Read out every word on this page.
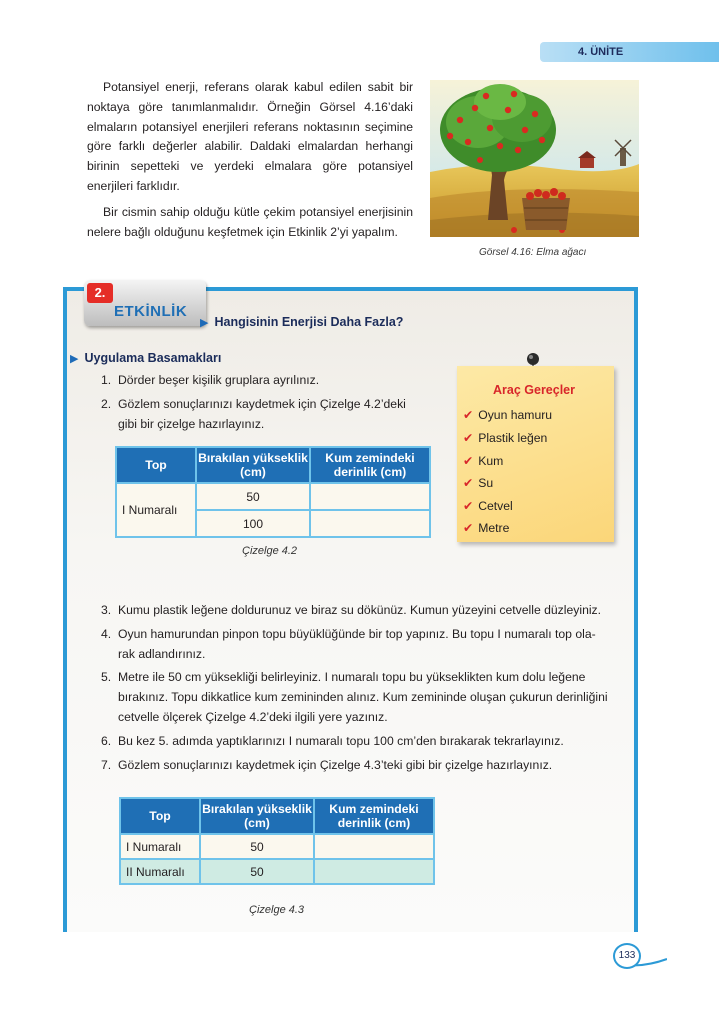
4. ÜNİTE

Potansiyel enerji, referans olarak kabul edilen sabit bir noktaya göre tanımlanmalıdır. Örneğin Görsel 4.16’daki elmaların potansiyel enerjileri referans noktasının seçimine göre farklı değerler alabilir. Daldaki elmalardan herhangi birinin sepetteki ve yerdeki elmalara göre potansiyel enerjileri farklıdır.

Bir cismin sahip olduğu kütle çekim potansiyel enerjisinin nelere bağlı olduğunu keşfetmek için Etkinlik 2’yi yapalım.

Görsel 4.16: Elma ağacı
2.
ETKİNLİK
▶ Hangisinin Enerjisi Daha Fazla?
▶ Uygulama Basamakları
1. Dörder beşer kişilik gruplara ayrılınız.
2. Gözlem sonuçlarınızı kaydetmek için Çizelge 4.2’deki
gibi bir çizelge hazırlayınız.
Top	Bırakılan yükseklik (cm)	Kum zemindeki derinlik (cm)
I Numaralı	50	
	100	
Çizelge 4.2
Araç Gereçler
✔ Oyun hamuru
✔ Plastik leğen
✔ Kum
✔ Su
✔ Cetvel
✔ Metre
3. Kumu plastik leğene doldurunuz ve biraz su dökünüz. Kumun yüzeyini cetvelle düzleyiniz.
4. Oyun hamurundan pinpon topu büyüklüğünde bir top yapınız. Bu topu I numaralı top ola-
rak adlandırınız.
5. Metre ile 50 cm yüksekliği belirleyiniz. I numaralı topu bu yükseklikten kum dolu leğene
bırakınız. Topu dikkatlice kum zemininden alınız. Kum zemininde oluşan çukurun derinliğini
cetvelle ölçerek Çizelge 4.2’deki ilgili yere yazınız.
6. Bu kez 5. adımda yaptıklarınızı I numaralı topu 100 cm’den bırakarak tekrarlayınız.
7. Gözlem sonuçlarınızı kaydetmek için Çizelge 4.3’teki gibi bir çizelge hazırlayınız.
Top	Bırakılan yükseklik (cm)	Kum zemindeki derinlik (cm)
I Numaralı	50	
II Numaralı	50	
Çizelge 4.3
133
